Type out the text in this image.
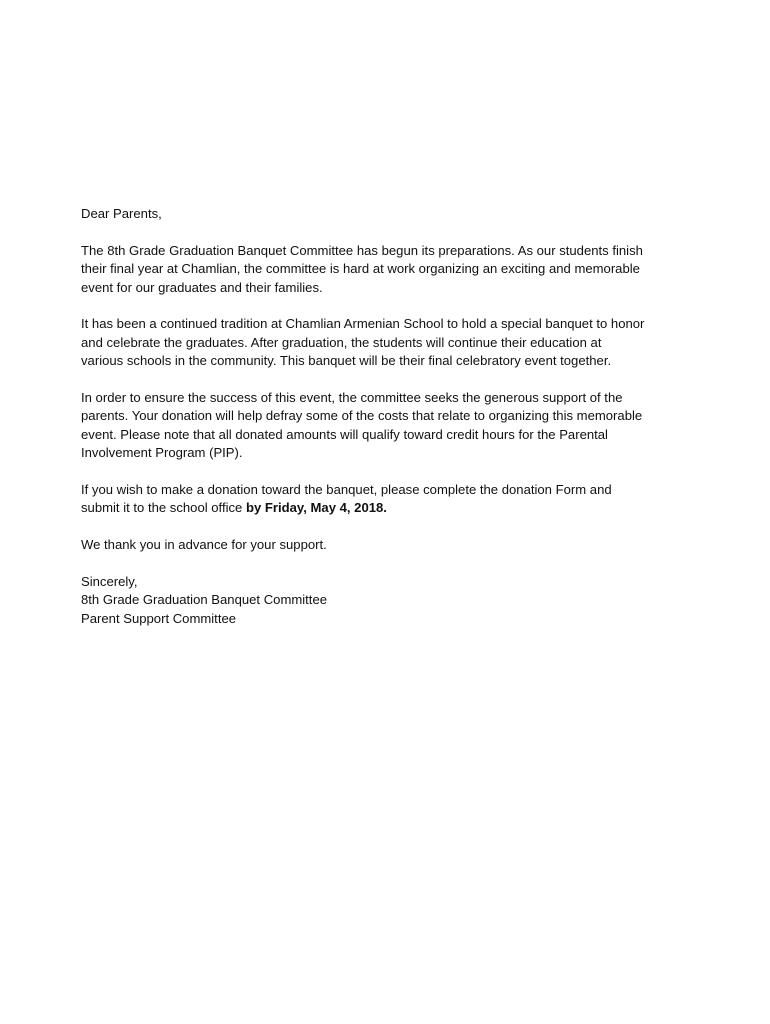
Dear Parents,
The 8th Grade Graduation Banquet Committee has begun its preparations. As our students finish
their final year at Chamlian, the committee is hard at work organizing an exciting and memorable
event for our graduates and their families.
It has been a continued tradition at Chamlian Armenian School to hold a special banquet to honor
and celebrate the graduates. After graduation, the students will continue their education at
various schools in the community. This banquet will be their final celebratory event together.
In order to ensure the success of this event, the committee seeks the generous support of the
parents. Your donation will help defray some of the costs that relate to organizing this memorable
event. Please note that all donated amounts will qualify toward credit hours for the Parental
Involvement Program (PIP).
If you wish to make a donation toward the banquet, please complete the donation Form and
submit it to the school office by Friday, May 4, 2018.
We thank you in advance for your support.
Sincerely,
8th Grade Graduation Banquet Committee
Parent Support Committee
